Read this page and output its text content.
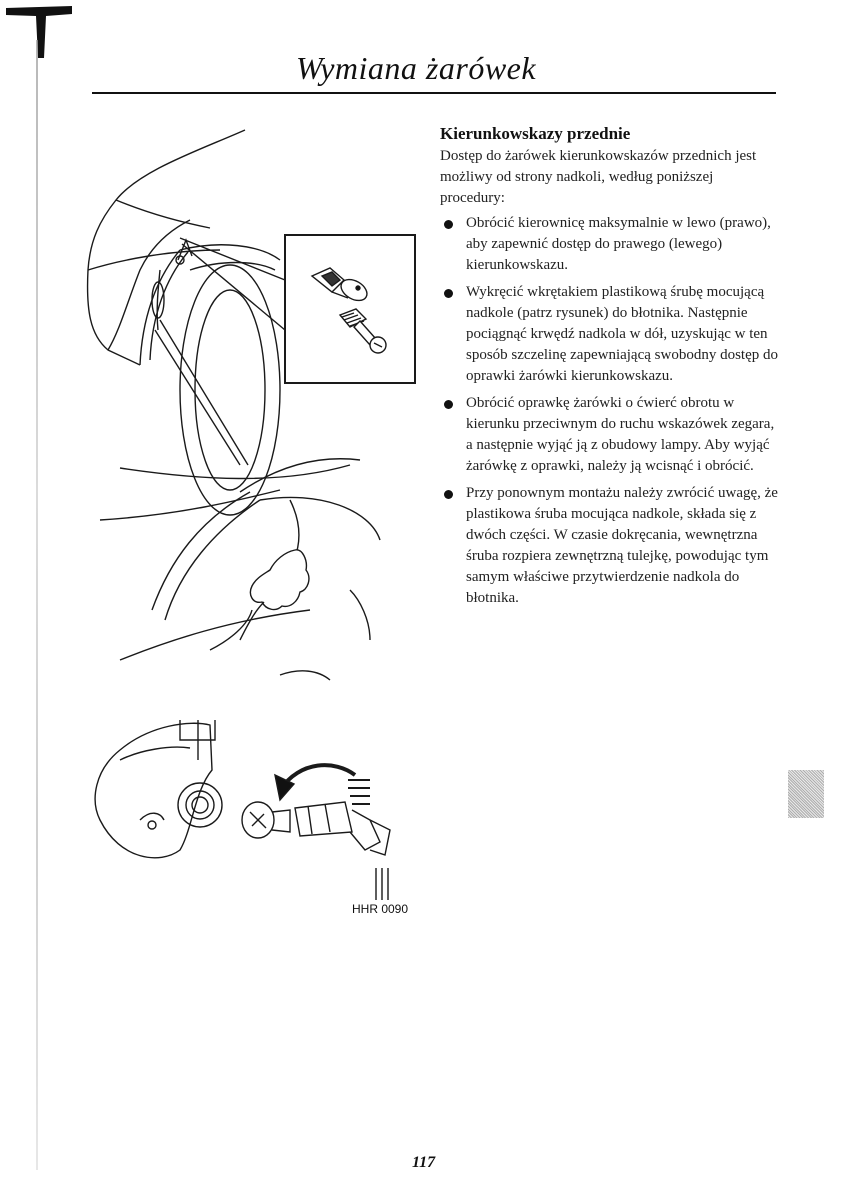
Wymiana żarówek
HHR 0090
Kierunkowskazy przednie

Dostęp do żarówek kierunkowskazów przednich jest możliwy od strony nadkoli, według poniższej procedury:

Obrócić kierownicę maksymalnie w lewo (prawo), aby zapewnić dostęp do prawego (lewego) kierunkowskazu.
Wykręcić wkrętakiem plastikową śrubę mocującą nadkole (patrz rysunek) do błotnika. Następnie pociągnąć krwędź nadkola w dół, uzyskując w ten sposób szczelinę zapewniającą swobodny dostęp do oprawki żarówki kierunkowskazu.
Obrócić oprawkę żarówki o ćwierć obrotu w kierunku przeciwnym do ruchu wskazówek zegara, a następnie wyjąć ją z obudowy lampy. Aby wyjąć żarówkę z oprawki, należy ją wcisnąć i obrócić.
Przy ponownym montażu należy zwrócić uwagę, że plastikowa śruba mocująca nadkole, składa się z dwóch części. W czasie dokręcania, wewnętrzna śruba rozpiera zewnętrzną tulejkę, powodując tym samym właściwe przytwierdzenie nadkola do błotnika.
117
